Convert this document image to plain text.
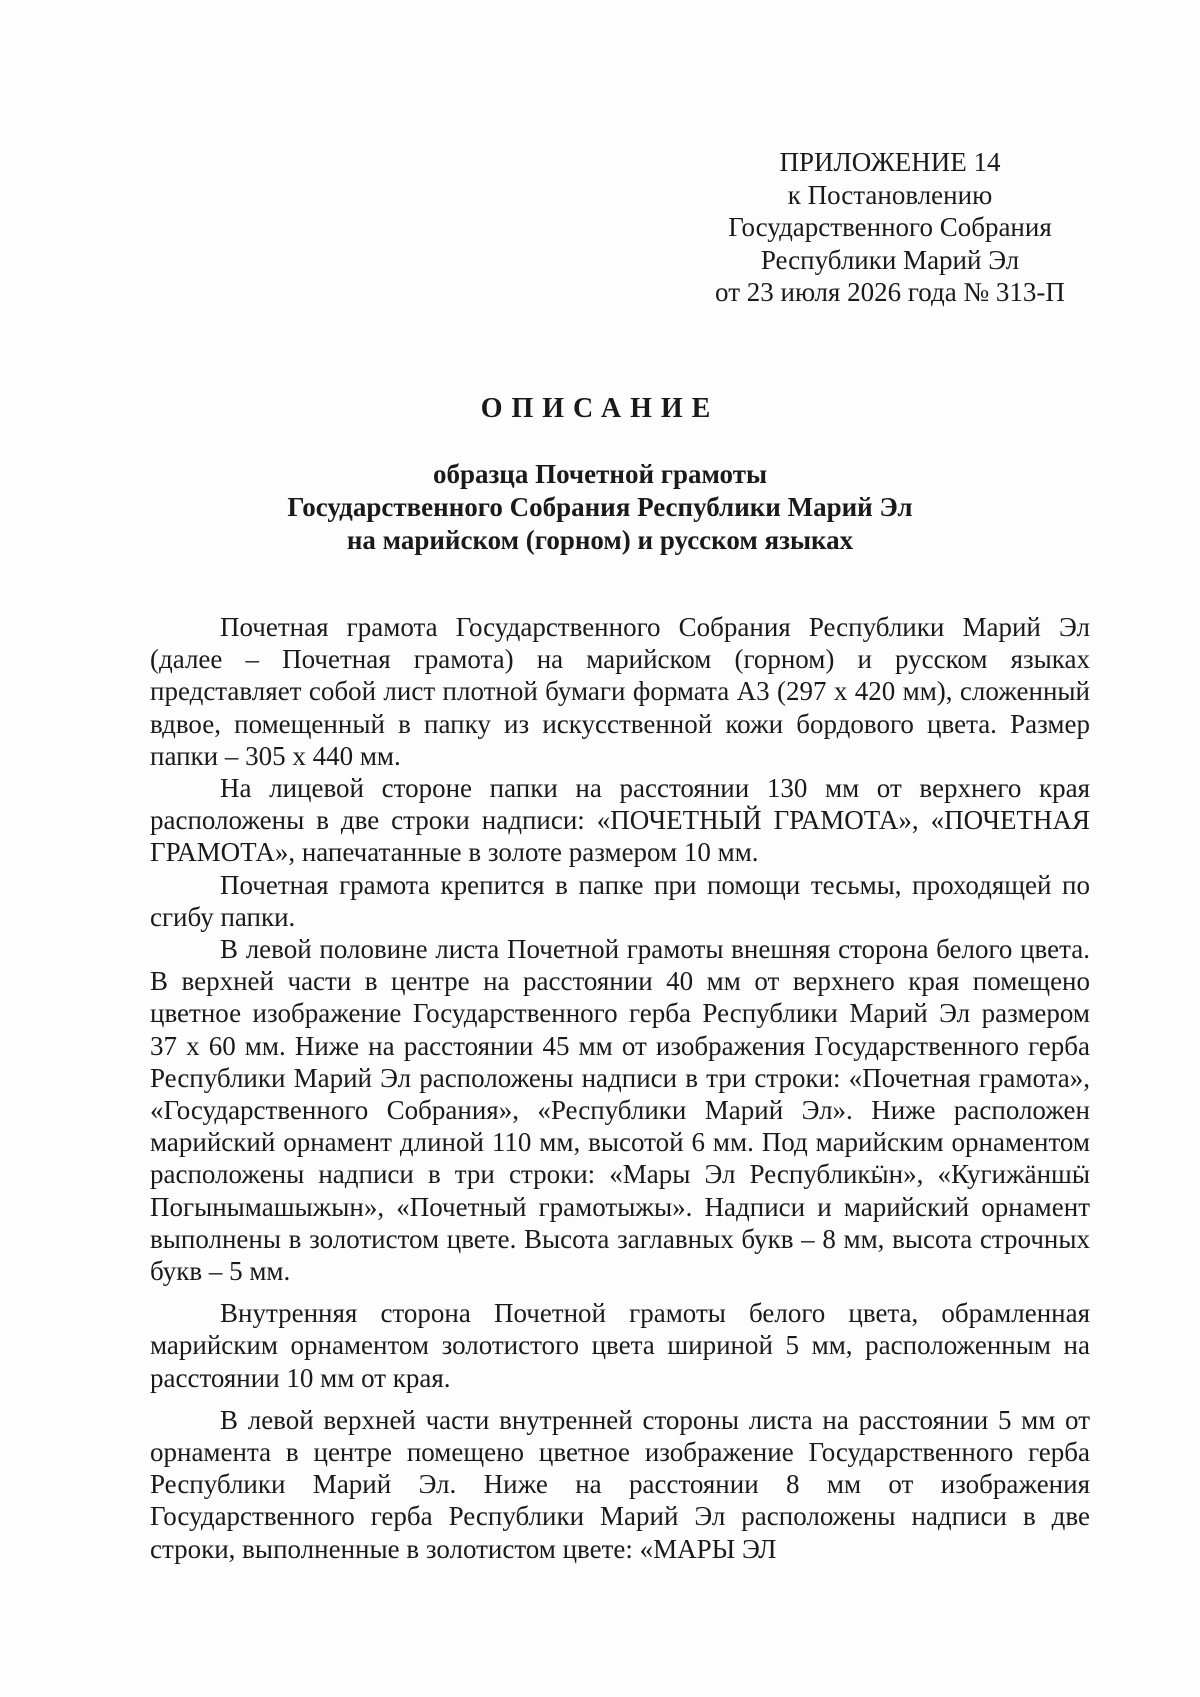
ПРИЛОЖЕНИЕ 14
к Постановлению
Государственного Собрания
Республики Марий Эл
от 23 июля 2026 года № 313-П
ОПИСАНИЕ
образца Почетной грамоты
Государственного Собрания Республики Марий Эл
на марийском (горном) и русском языках

Почетная грамота Государственного Собрания Республики Марий Эл (далее – Почетная грамота) на марийском (горном) и русском языках представляет собой лист плотной бумаги формата А3 (297 х 420 мм), сложенный вдвое, помещенный в папку из искусственной кожи бордового цвета. Размер папки – 305 х 440 мм.

На лицевой стороне папки на расстоянии 130 мм от верхнего края расположены в две строки надписи: «ПОЧЕТНЫЙ ГРАМОТА», «ПОЧЕТНАЯ ГРАМОТА», напечатанные в золоте размером 10 мм.

Почетная грамота крепится в папке при помощи тесьмы, проходящей по сгибу папки.

В левой половине листа Почетной грамоты внешняя сторона белого цвета. В верхней части в центре на расстоянии 40 мм от верхнего края помещено цветное изображение Государственного герба Республики Марий Эл размером 37 х 60 мм. Ниже на расстоянии 45 мм от изображения Государственного герба Республики Марий Эл расположены надписи в три строки: «Почетная грамота», «Государственного Собрания», «Республики Марий Эл». Ниже расположен марийский орнамент длиной 110 мм, высотой 6 мм. Под марийским орнаментом расположены надписи в три строки: «Мары Эл Республикӹн», «Кугижӓншӹ Погынымашыжын», «Почетный грамотыжы». Надписи и марийский орнамент выполнены в золотистом цвете. Высота заглавных букв – 8 мм, высота строчных букв – 5 мм.

Внутренняя сторона Почетной грамоты белого цвета, обрамленная марийским орнаментом золотистого цвета шириной 5 мм, расположенным на расстоянии 10 мм от края.

В левой верхней части внутренней стороны листа на расстоянии 5 мм от орнамента в центре помещено цветное изображение Государственного герба Республики Марий Эл. Ниже на расстоянии 8 мм от изображения Государственного герба Республики Марий Эл расположены надписи в две строки, выполненные в золотистом цвете: «МАРЫ ЭЛ
